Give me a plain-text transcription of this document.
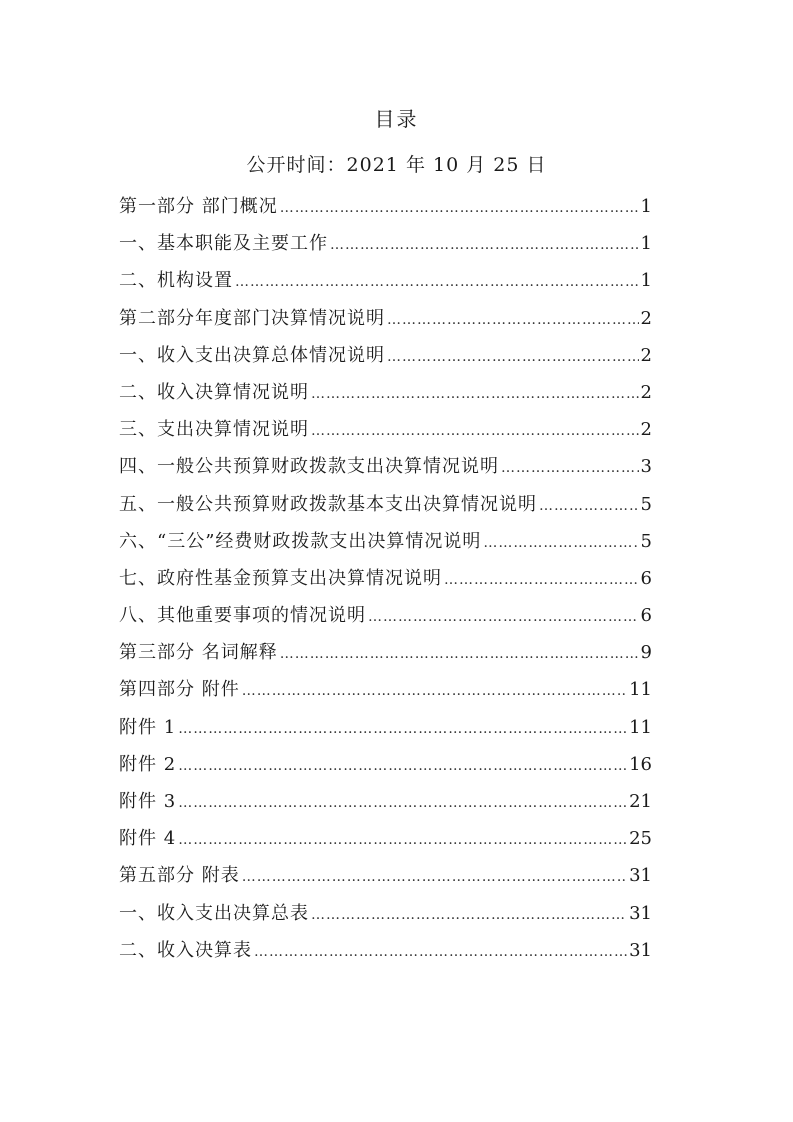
目录
公开时间：2021 年 10 月 25 日
第一部分 部门概况 …………………………………………………………………………………………………………	1
一、基本职能及主要工作 …………………………………………………………………………………………………………	1
二、机构设置 …………………………………………………………………………………………………………	1
第二部分年度部门决算情况说明 …………………………………………………………………………………………………………	2
一、收入支出决算总体情况说明 …………………………………………………………………………………………………………	2
二、收入决算情况说明 …………………………………………………………………………………………………………	2
三、支出决算情况说明 …………………………………………………………………………………………………………	2
四、一般公共预算财政拨款支出决算情况说明 …………………………………………………………………………………………………………	3
五、一般公共预算财政拨款基本支出决算情况说明 …………………………………………………………………………………………………………	5
六、“三公”经费财政拨款支出决算情况说明 …………………………………………………………………………………………………………	5
七、政府性基金预算支出决算情况说明 …………………………………………………………………………………………………………	6
八、其他重要事项的情况说明 …………………………………………………………………………………………………………	6
第三部分 名词解释 …………………………………………………………………………………………………………	9
第四部分 附件 …………………………………………………………………………………………………………	11
附件 1 …………………………………………………………………………………………………………	11
附件 2 …………………………………………………………………………………………………………	16
附件 3 …………………………………………………………………………………………………………	21
附件 4 …………………………………………………………………………………………………………	25
第五部分 附表 …………………………………………………………………………………………………………	31
一、收入支出决算总表 …………………………………………………………………………………………………………	31
二、收入决算表 …………………………………………………………………………………………………………	31
